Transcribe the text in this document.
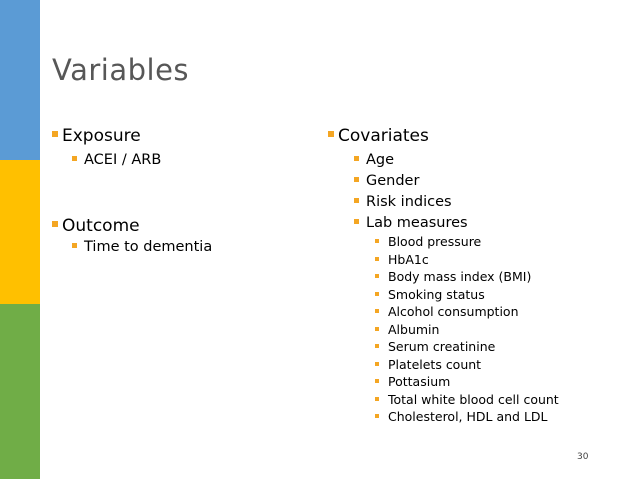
Variables
Exposure
ACEI / ARB
Outcome
Time to dementia
Covariates
Age
Gender
Risk indices
Lab measures
Blood pressure
HbA1c
Body mass index (BMI)
Smoking status
Alcohol consumption
Albumin
Serum creatinine
Platelets count
Pottasium
Total white blood cell count
Cholesterol, HDL and LDL
30
